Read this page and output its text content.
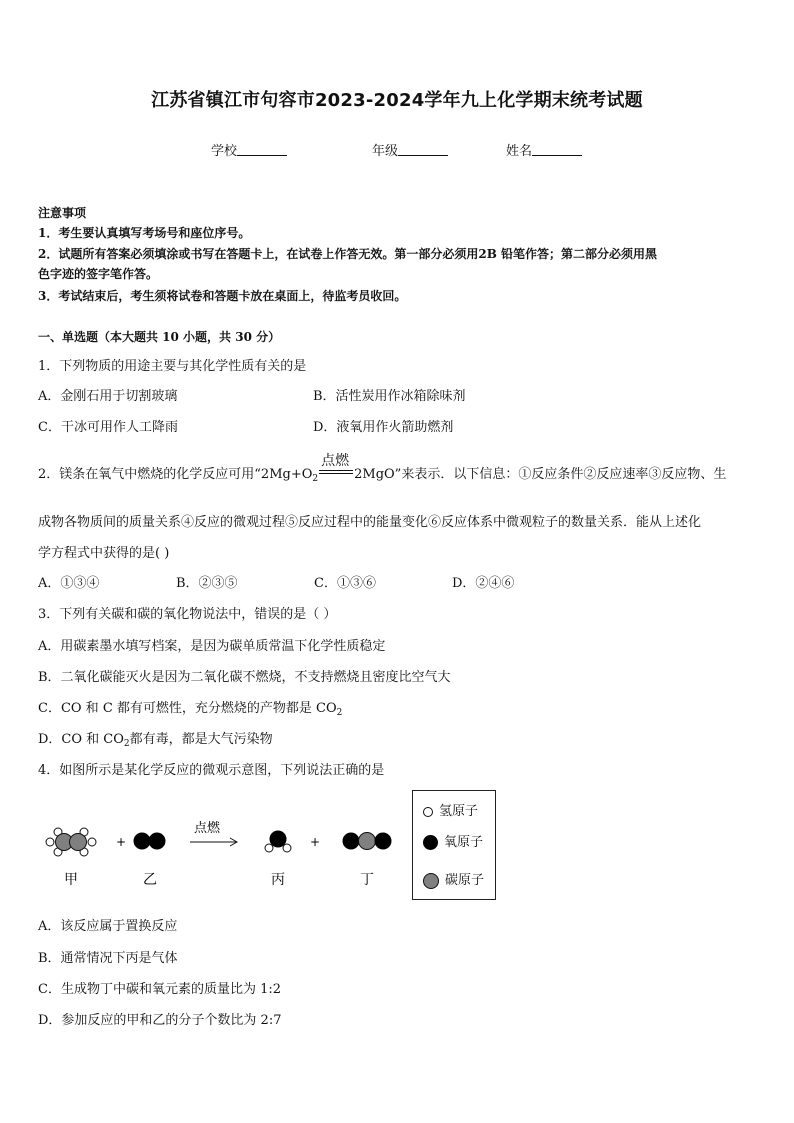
江苏省镇江市句容市2023-2024学年九上化学期末统考试题
学校	年级	姓名
注意事项
1．考生要认真填写考场号和座位序号。
2．试题所有答案必须填涂或书写在答题卡上，在试卷上作答无效。第一部分必须用2B 铅笔作答；第二部分必须用黑
色字迹的签字笔作答。
3．考试结束后，考生须将试卷和答题卡放在桌面上，待监考员收回。
一、单选题（本大题共 10 小题，共 30 分）
1．下列物质的用途主要与其化学性质有关的是
A．金刚石用于切割玻璃	B．活性炭用作冰箱除味剂
C．干冰可用作人工降雨	D．液氧用作火箭助燃剂
2．镁条在氧气中燃烧的化学反应可用“$2Mg+O_2$
点燃
2MgO”来表示．以下信息：①反应条件②反应速率③反应物、生
成物各物质间的质量关系④反应的微观过程⑤反应过程中的能量变化⑥反应体系中微观粒子的数量关系．能从上述化
学方程式中获得的是( )
A．①③④	B．②③⑤	C．①③⑥	D．②④⑥
3．下列有关碳和碳的氧化物说法中，错误的是（ ）
A．用碳素墨水填写档案，是因为碳单质常温下化学性质稳定
B．二氧化碳能灭火是因为二氧化碳不燃烧，不支持燃烧且密度比空气大
C．CO 和 C 都有可燃性，充分燃烧的产物都是 $CO_2$
D．CO 和 $CO_2$都有毒，都是大气污染物
4．如图所示是某化学反应的微观示意图，下列说法正确的是
+
点燃
+
甲	乙	丙	丁
氢原子
氧原子
碳原子
A．该反应属于置换反应
B．通常情况下丙是气体
C．生成物丁中碳和氧元素的质量比为 1:2
D．参加反应的甲和乙的分子个数比为 2:7
